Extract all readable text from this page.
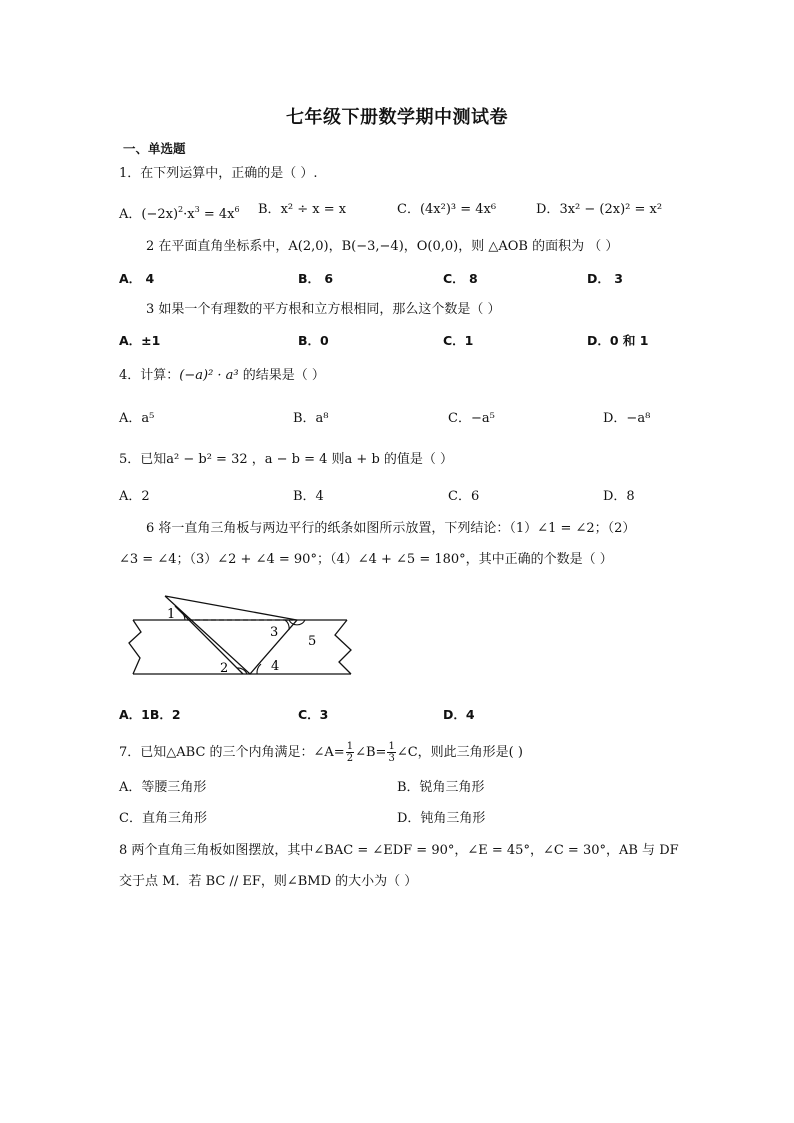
七年级下册数学期中测试卷
一、单选题
1．在下列运算中，正确的是（ ）.
A．$(-2x)^2\cdot x^3 = 4x^6$ B．x² ÷ x = x	C．(4x²)³ = 4x⁶	D．3x² − (2x)² = x²
2 在平面直角坐标系中，A(2,0)，B(−3,−4)，O(0,0)，则 △AOB 的面积为 （ ）
A． 4	B． 6	C． 8	D． 3
3 如果一个有理数的平方根和立方根相同，那么这个数是（ ）
A．±1	B．0	C．1	D．0 和 1
4．计算：(−a)² · a³ 的结果是（ ）
A．a⁵	B．a⁸	C．−a⁵	D．−a⁸
5．已知a² − b² = 32 ，a − b = 4 则a + b 的值是（ ）
A．2	B．4	C．6	D．8
6 将一直角三角板与两边平行的纸条如图所示放置，下列结论：（1）∠1 = ∠2；（2）
∠3 = ∠4；（3）∠2 + ∠4 = 90°；（4）∠4 + ∠5 = 180°，其中正确的个数是（ ）
1
2
3
4
5
A．1B．2	C．3	D．4
7．已知△ABC 的三个内角满足：∠A= $\frac{1}{2}$ ∠B= $\frac{1}{3}$ ∠C，则此三角形是( )
A．等腰三角形	B．锐角三角形
C．直角三角形	D．钝角三角形
8 两个直角三角板如图摆放，其中∠BAC = ∠EDF = 90°，∠E = 45°，∠C = 30°，AB 与 DF
交于点 M．若 BC // EF，则∠BMD 的大小为（ ）
